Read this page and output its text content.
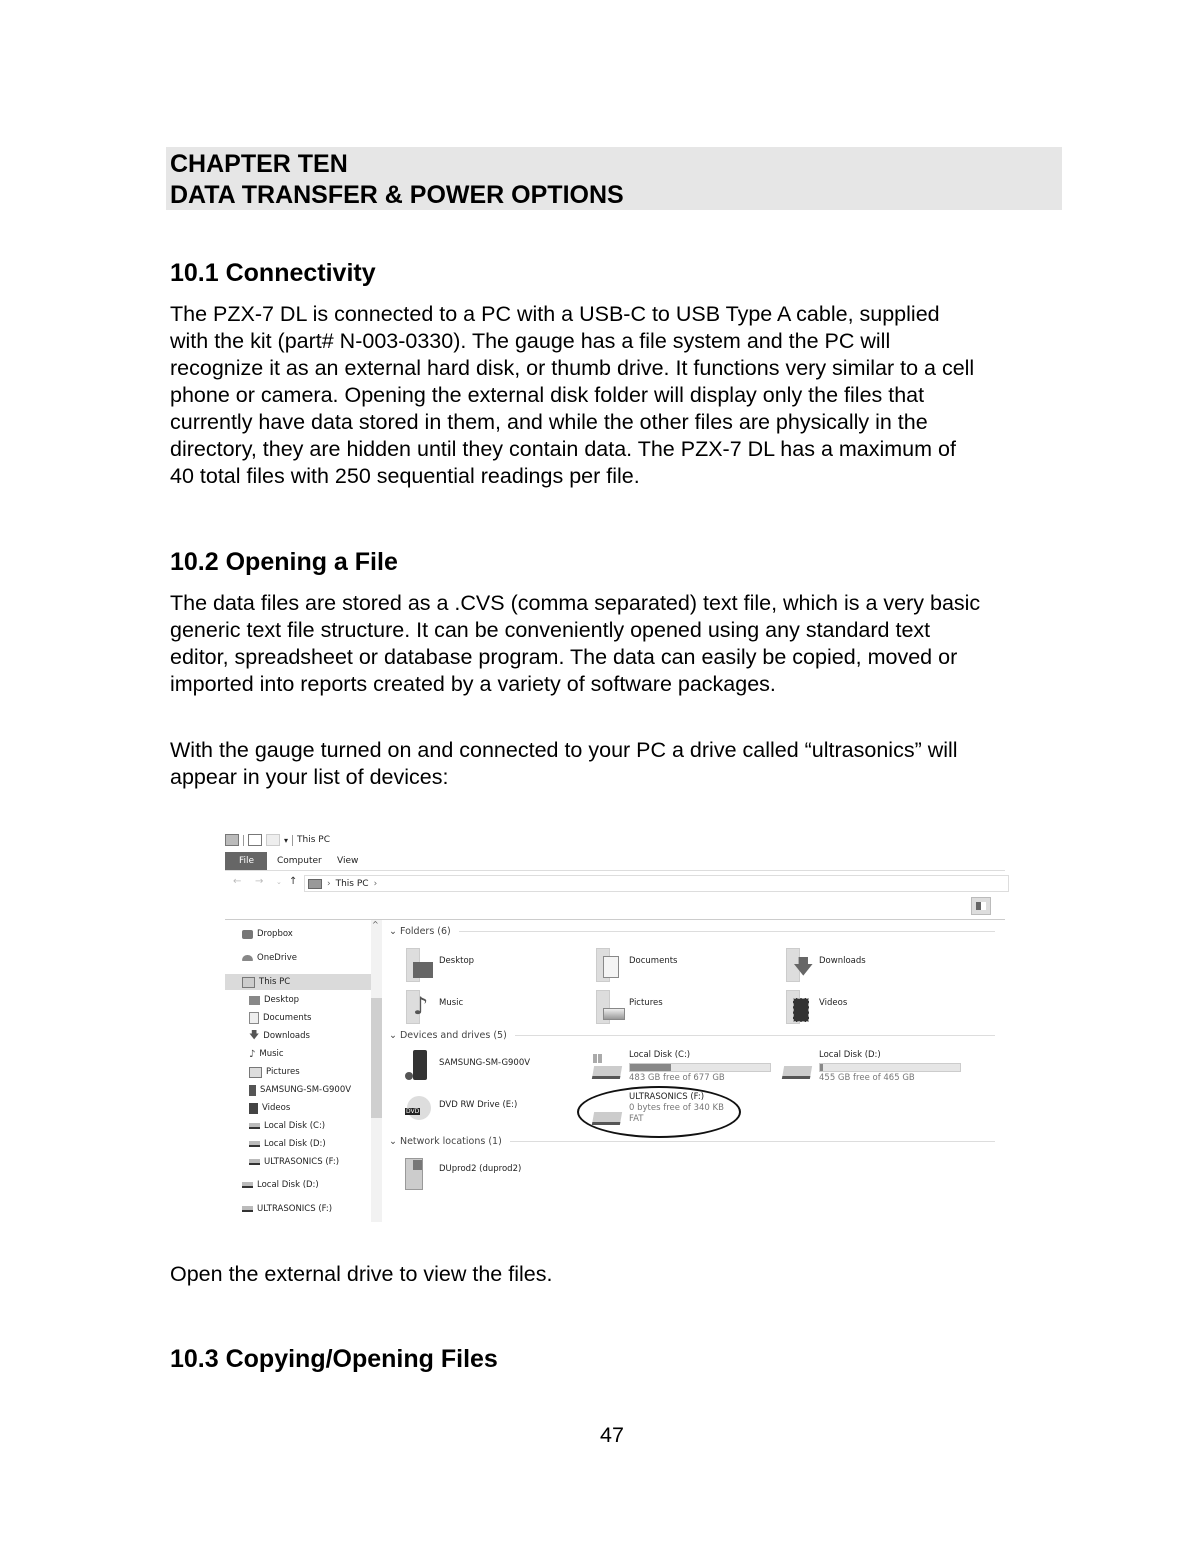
CHAPTER TEN
DATA TRANSFER & POWER OPTIONS
10.1 Connectivity
The PZX-7 DL is connected to a PC with a USB-C to USB Type A cable, supplied
with the kit (part# N-003-0330). The gauge has a file system and the PC will
recognize it as an external hard disk, or thumb drive. It functions very similar to a cell
phone or camera. Opening the external disk folder will display only the files that
currently have data stored in them, and while the other files are physically in the
directory, they are hidden until they contain data. The PZX-7 DL has a maximum of
40 total files with 250 sequential readings per file.
10.2 Opening a File
The data files are stored as a .CVS (comma separated) text file, which is a very basic
generic text file structure. It can be conveniently opened using any standard text
editor, spreadsheet or database program. The data can easily be copied, moved or
imported into reports created by a variety of software packages.
With the gauge turned on and connected to your PC a drive called “ultrasonics” will
appear in your list of devices:
▾ This PC
File	Computer	View
← → ⌄ ↑	› This PC ›
Dropbox
OneDrive
This PC
Desktop
Documents
🡇 Downloads
♪ Music
Pictures
SAMSUNG-SM-G900V
Videos
Local Disk (C:)
Local Disk (D:)
ULTRASONICS (F:)
Local Disk (D:)
ULTRASONICS (F:)
^
⌄ Folders (6)
Desktop	Documents	🡇 Downloads
♪ Music	Pictures	Videos
⌄ Devices and drives (5)
SAMSUNG-SM-G900V
Local Disk (C:)
483 GB free of 677 GB
Local Disk (D:)
455 GB free of 465 GB
DVD
DVD RW Drive (E:)
ULTRASONICS (F:)
0 bytes free of 340 KB
FAT
⌄ Network locations (1)
DUprod2 (duprod2)
Open the external drive to view the files.
10.3 Copying/Opening Files
47
